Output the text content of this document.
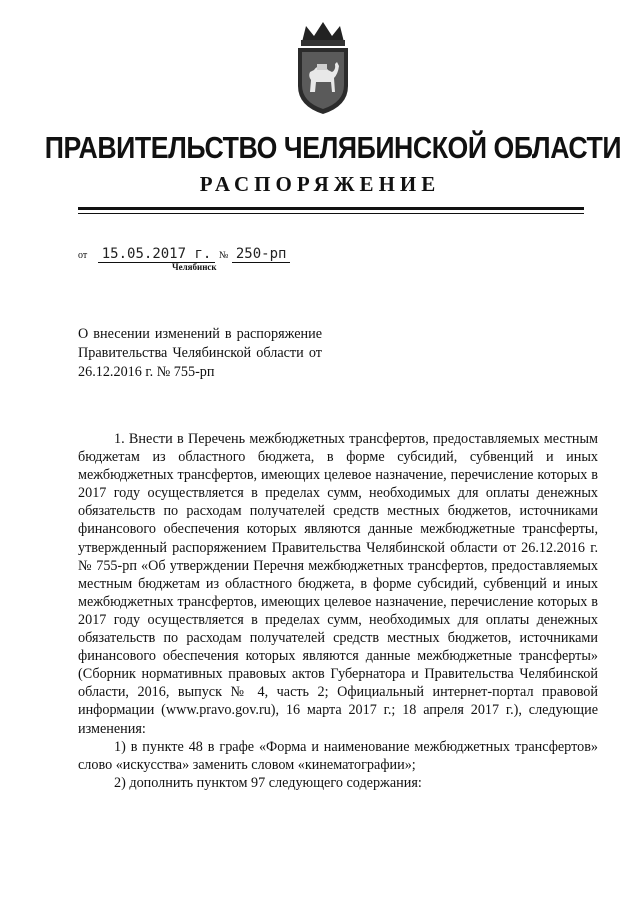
ПРАВИТЕЛЬСТВО ЧЕЛЯБИНСКОЙ ОБЛАСТИ
РАСПОРЯЖЕНИЕ
от 15.05.2017 г. № 250-рп
Челябинск
О внесении изменений в распоряжение Правительства Челябинской области от 26.12.2016 г. № 755-рп

1. Внести в Перечень межбюджетных трансфертов, предоставляемых местным бюджетам из областного бюджета, в форме субсидий, субвенций и иных межбюджетных трансфертов, имеющих целевое назначение, перечисление которых в 2017 году осуществляется в пределах сумм, необходимых для оплаты денежных обязательств по расходам получателей средств местных бюджетов, источниками финансового обеспечения которых являются данные межбюджетные трансферты, утвержденный распоряжением Правительства Челябинской области от 26.12.2016 г. № 755-рп «Об утверждении Перечня межбюджетных трансфертов, предоставляемых местным бюджетам из областного бюджета, в форме субсидий, субвенций и иных межбюджетных трансфертов, имеющих целевое назначение, перечисление которых в 2017 году осуществляется в пределах сумм, необходимых для оплаты денежных обязательств по расходам получателей средств местных бюджетов, источниками финансового обеспечения которых являются данные межбюджетные трансферты» (Сборник нормативных правовых актов Губернатора и Правительства Челябинской области, 2016, выпуск № 4, часть 2; Официальный интернет-портал правовой информации (www.pravo.gov.ru), 16 марта 2017 г.; 18 апреля 2017 г.), следующие изменения:

1) в пункте 48 в графе «Форма и наименование межбюджетных трансфертов» слово «искусства» заменить словом «кинематографии»;

2) дополнить пунктом 97 следующего содержания:
